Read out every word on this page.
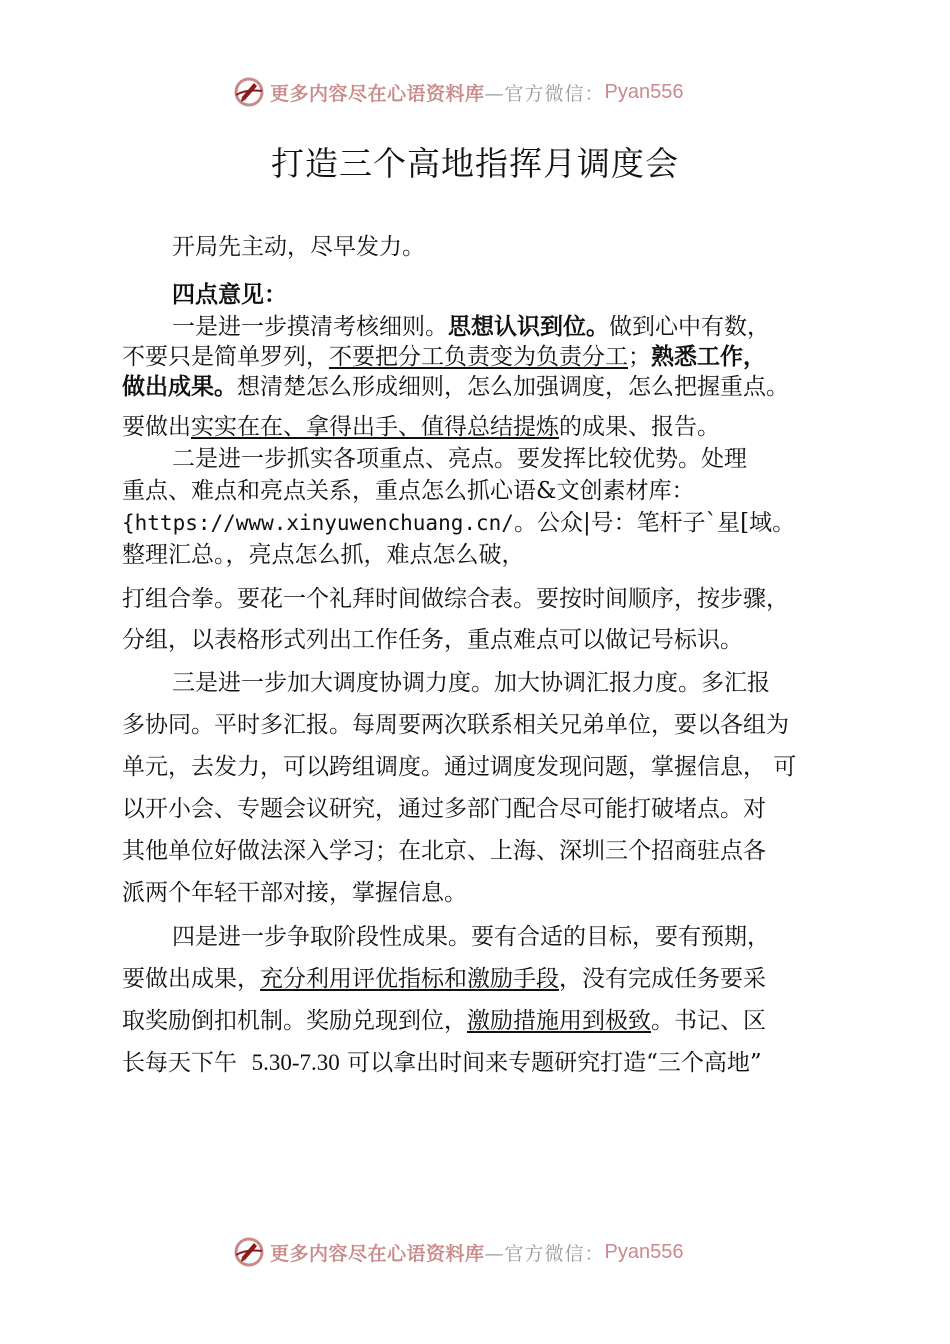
更多内容尽在心语资料库 —官方微信： Pyan556
打造三个高地指挥月调度会
开局先主动，尽早发力。
四点意见：
一是进一步摸清考核细则。思想认识到位。做到心中有数，
不要只是简单罗列，不要把分工负责变为负责分工；熟悉工作，
做出成果。想清楚怎么形成细则，怎么加强调度，怎么把握重点。
要做出实实在在、拿得出手、值得总结提炼的成果、报告。
二是进一步抓实各项重点、亮点。要发挥比较优势。处理
重点、难点和亮点关系，重点怎么抓心语&文创素材库：
{https://www.xinyuwenchuang.cn/。公众|号：笔杆子`星[域。
整理汇总。，亮点怎么抓，难点怎么破，
打组合拳。要花一个礼拜时间做综合表。要按时间顺序，按步骤，
分组，以表格形式列出工作任务，重点难点可以做记号标识。
三是进一步加大调度协调力度。加大协调汇报力度。多汇报
多协同。平时多汇报。每周要两次联系相关兄弟单位，要以各组为
单元，去发力，可以跨组调度。通过调度发现问题，掌握信息， 可
以开小会、专题会议研究，通过多部门配合尽可能打破堵点。对
其他单位好做法深入学习；在北京、上海、深圳三个招商驻点各
派两个年轻干部对接，掌握信息。
四是进一步争取阶段性成果。要有合适的目标，要有预期，
要做出成果，充分利用评优指标和激励手段，没有完成任务要采
取奖励倒扣机制。奖励兑现到位，激励措施用到极致。书记、区
长每天下午  5.30-7.30 可以拿出时间来专题研究打造“三个高地”
更多内容尽在心语资料库 —官方微信： Pyan556
